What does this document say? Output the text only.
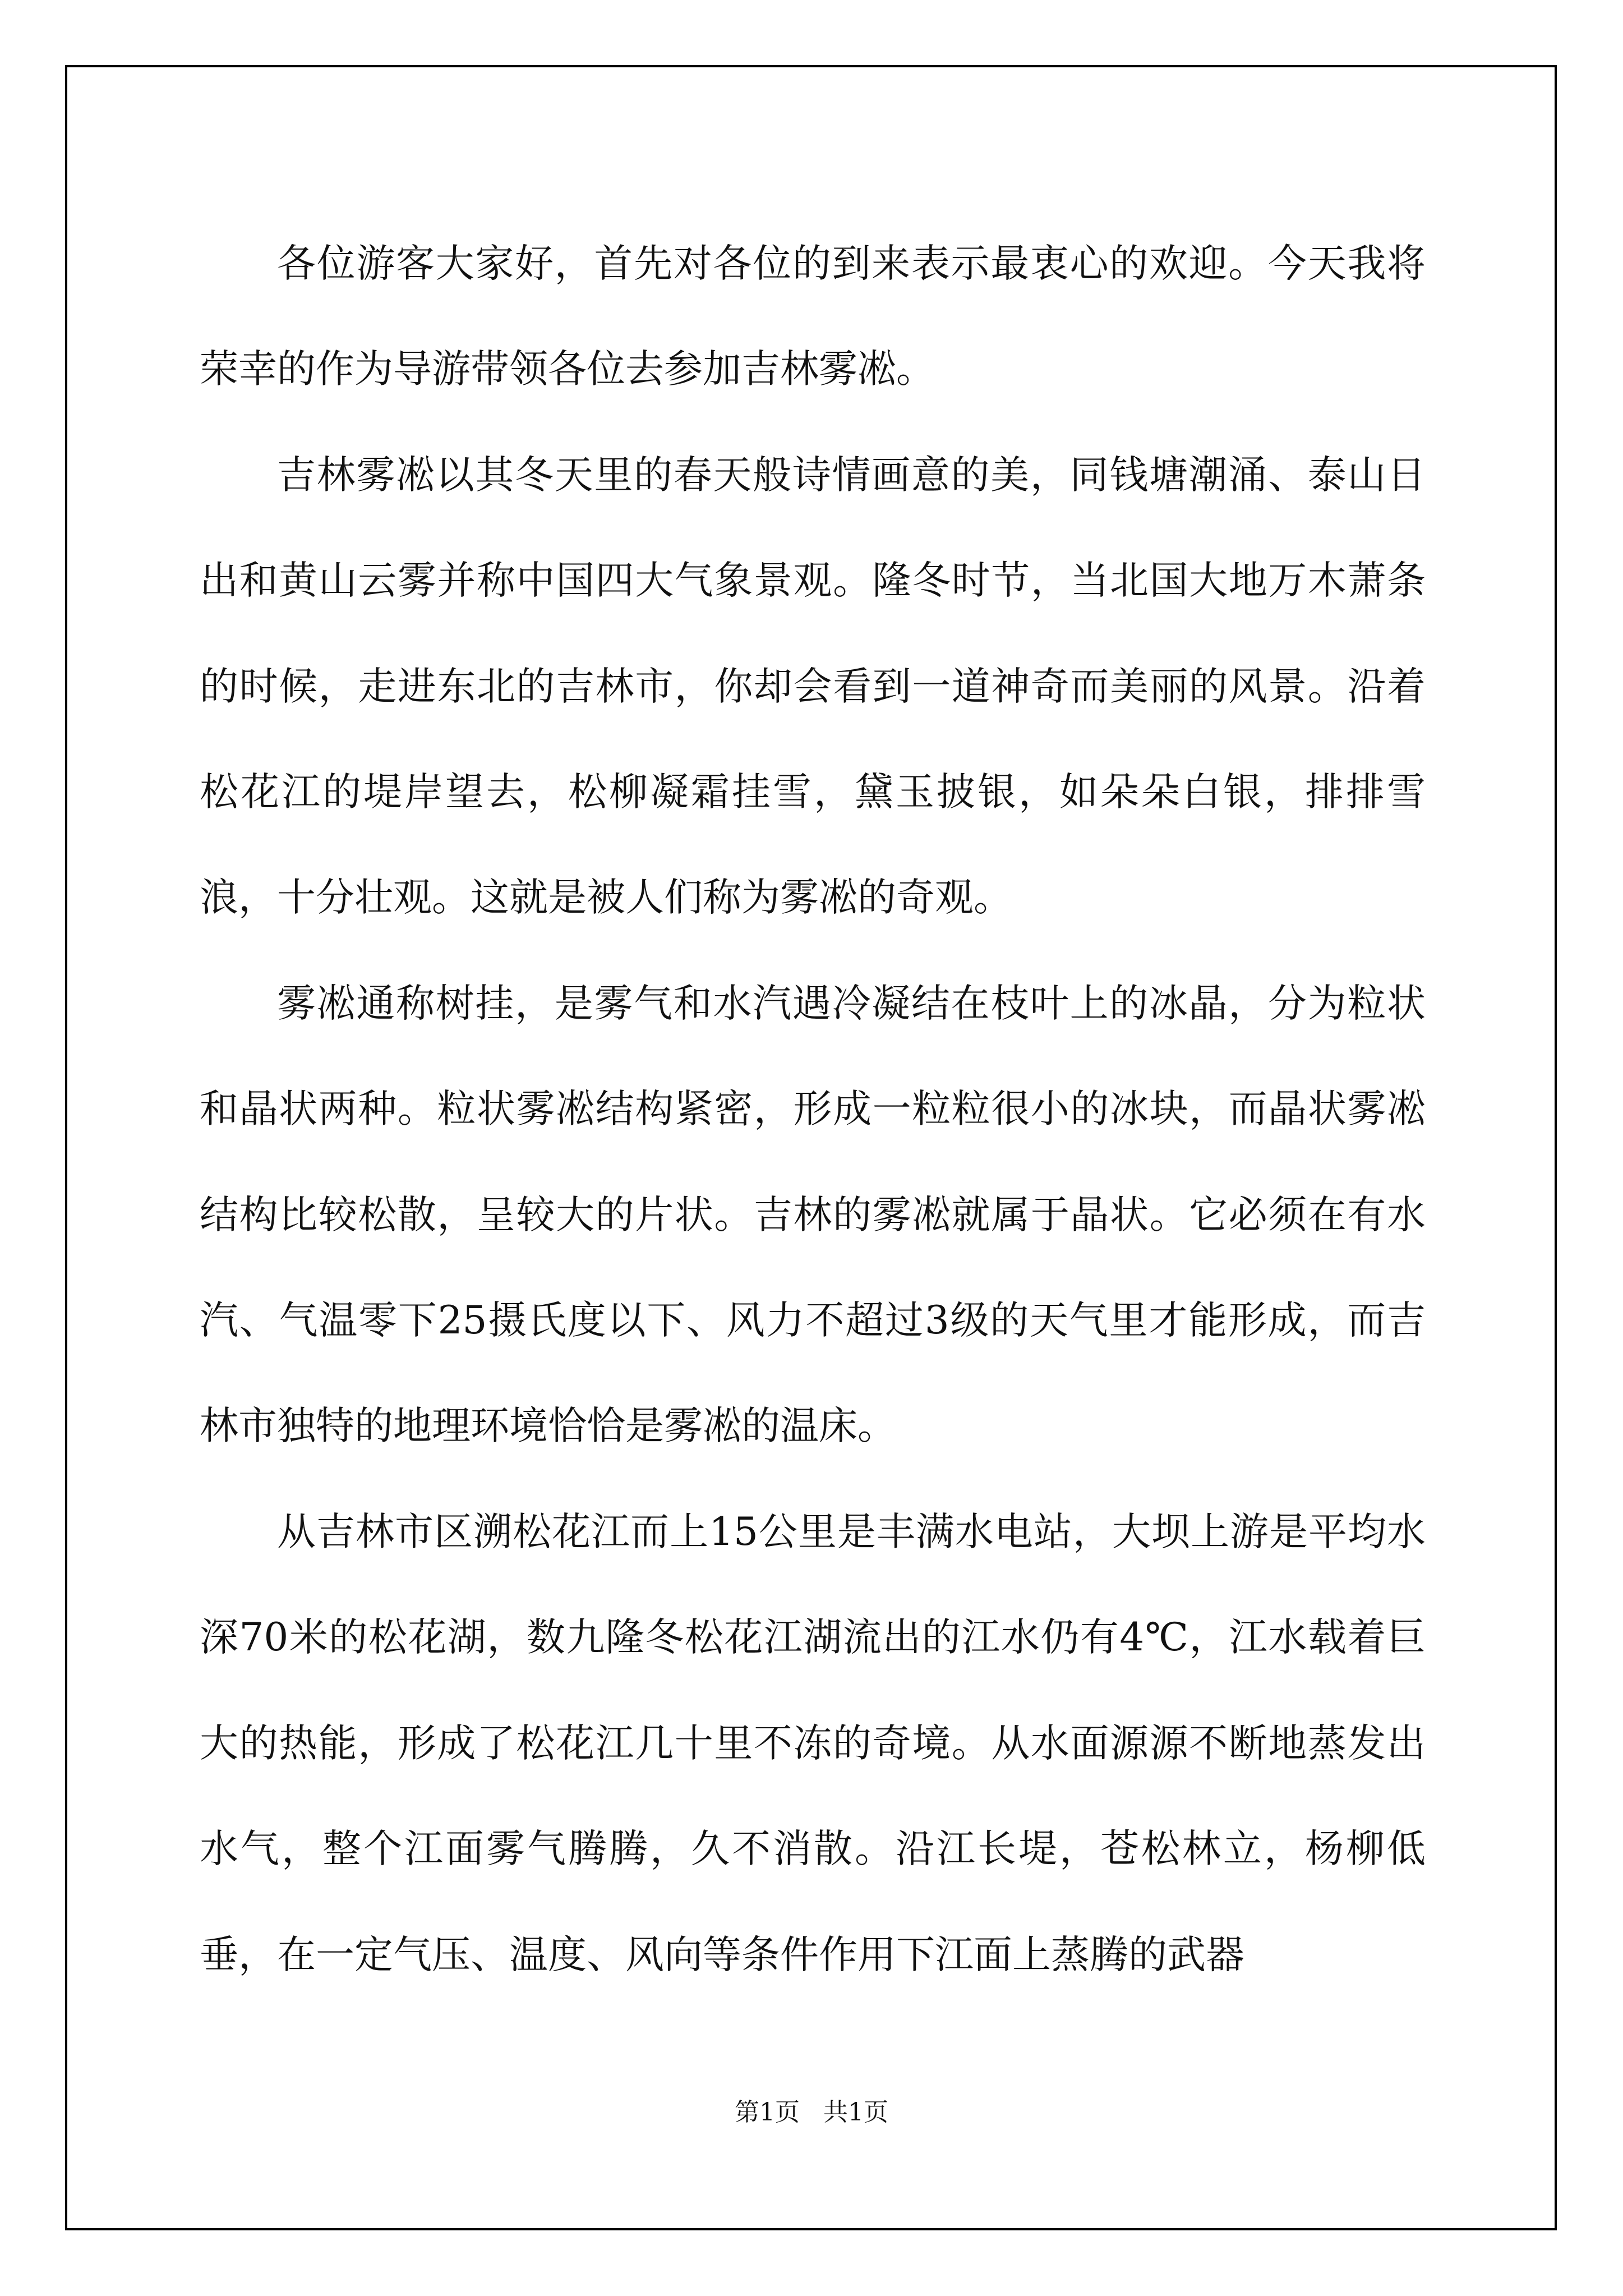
各位游客大家好，首先对各位的到来表示最衷心的欢迎。今天我将荣幸的作为导游带领各位去参加吉林雾凇。

吉林雾凇以其冬天里的春天般诗情画意的美，同钱塘潮涌、泰山日出和黄山云雾并称中国四大气象景观。隆冬时节，当北国大地万木萧条的时候，走进东北的吉林市，你却会看到一道神奇而美丽的风景。沿着松花江的堤岸望去，松柳凝霜挂雪，黛玉披银，如朵朵白银，排排雪浪，十分壮观。这就是被人们称为雾凇的奇观。

雾凇通称树挂，是雾气和水汽遇冷凝结在枝叶上的冰晶，分为粒状和晶状两种。粒状雾凇结构紧密，形成一粒粒很小的冰块，而晶状雾凇结构比较松散，呈较大的片状。吉林的雾凇就属于晶状。它必须在有水汽、气温零下25摄氏度以下、风力不超过3级的天气里才能形成，而吉林市独特的地理环境恰恰是雾凇的温床。

从吉林市区溯松花江而上15公里是丰满水电站，大坝上游是平均水深70米的松花湖，数九隆冬松花江湖流出的江水仍有4℃，江水载着巨大的热能，形成了松花江几十里不冻的奇境。从水面源源不断地蒸发出水气，整个江面雾气腾腾，久不消散。沿江长堤，苍松林立，杨柳低垂，在一定气压、温度、风向等条件作用下江面上蒸腾的武器

第1页   共1页
